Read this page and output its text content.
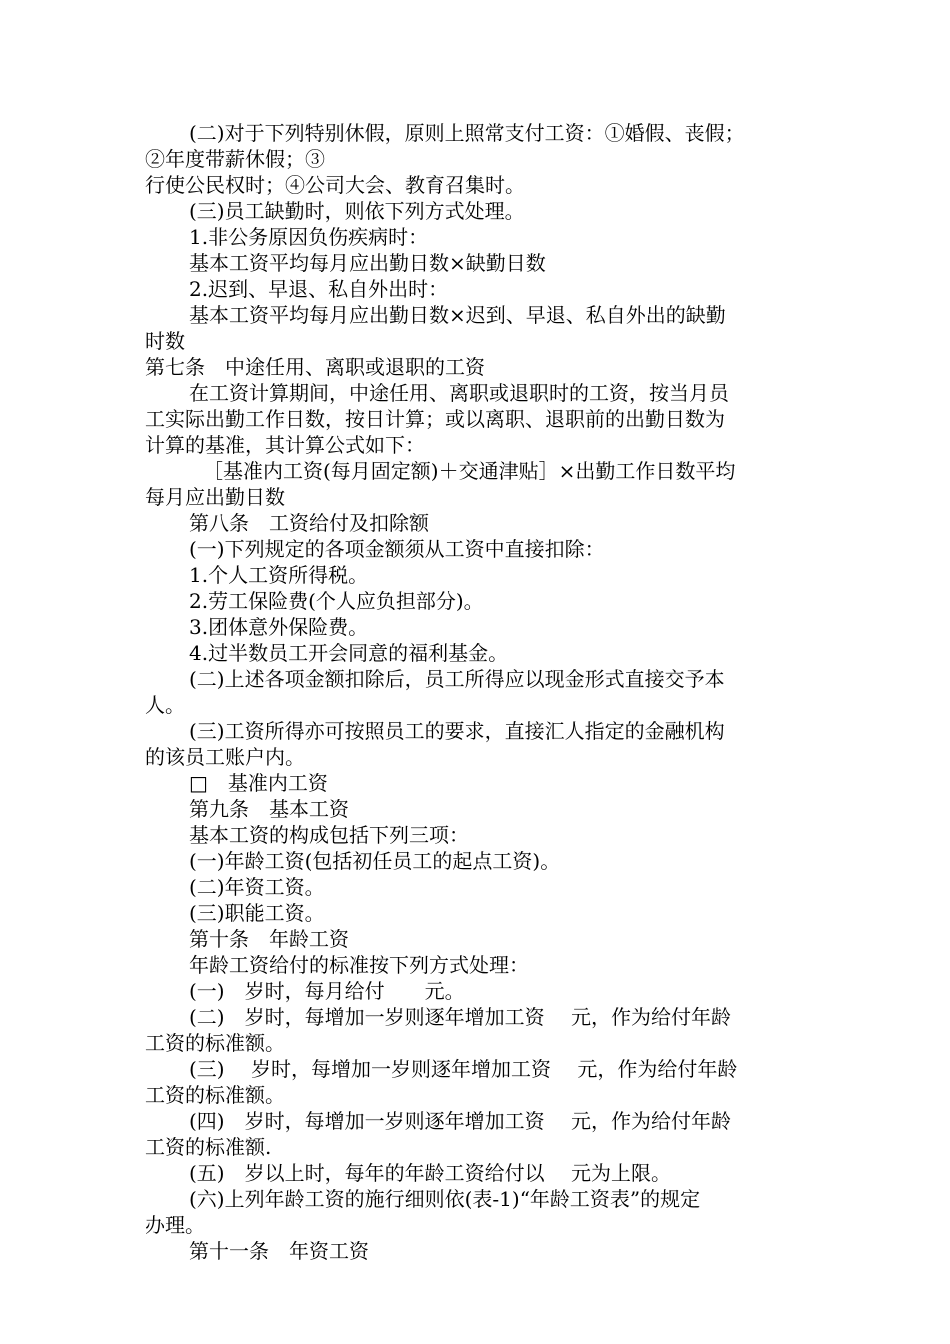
(二)对于下列特别休假，原则上照常支付工资：①婚假、丧假；
②年度带薪休假；③
行使公民权时；④公司大会、教育召集时。
(三)员工缺勤时，则依下列方式处理。
1.非公务原因负伤疾病时：
基本工资平均每月应出勤日数×缺勤日数
2.迟到、早退、私自外出时：
基本工资平均每月应出勤日数×迟到、早退、私自外出的缺勤
时数
第七条　中途任用、离职或退职的工资
在工资计算期间，中途任用、离职或退职时的工资，按当月员
工实际出勤工作日数，按日计算；或以离职、退职前的出勤日数为
计算的基准，其计算公式如下：
［基准内工资(每月固定额)＋交通津贴］×出勤工作日数平均
每月应出勤日数
第八条　工资给付及扣除额
(一)下列规定的各项金额须从工资中直接扣除：
1.个人工资所得税。
2.劳工保险费(个人应负担部分)。
3.团体意外保险费。
4.过半数员工开会同意的福利基金。
(二)上述各项金额扣除后，员工所得应以现金形式直接交予本
人。
(三)工资所得亦可按照员工的要求，直接汇人指定的金融机构
的该员工账户内。
□　基准内工资
第九条　基本工资
基本工资的构成包括下列三项：
(一)年龄工资(包括初任员工的起点工资)。
(二)年资工资。
(三)职能工资。
第十条　年龄工资
年龄工资给付的标准按下列方式处理：
(一)　岁时，每月给付　　元。
(二)　岁时，每增加一岁则逐年增加工资　 元，作为给付年龄
工资的标准额。
(三)　 岁时，每增加一岁则逐年增加工资　 元，作为给付年龄
工资的标准额。
(四)　岁时，每增加一岁则逐年增加工资　 元，作为给付年龄
工资的标准额.
(五)　岁以上时，每年的年龄工资给付以　 元为上限。
(六)上列年龄工资的施行细则依(表-1)“年龄工资表”的规定
办理。
第十一条　年资工资
